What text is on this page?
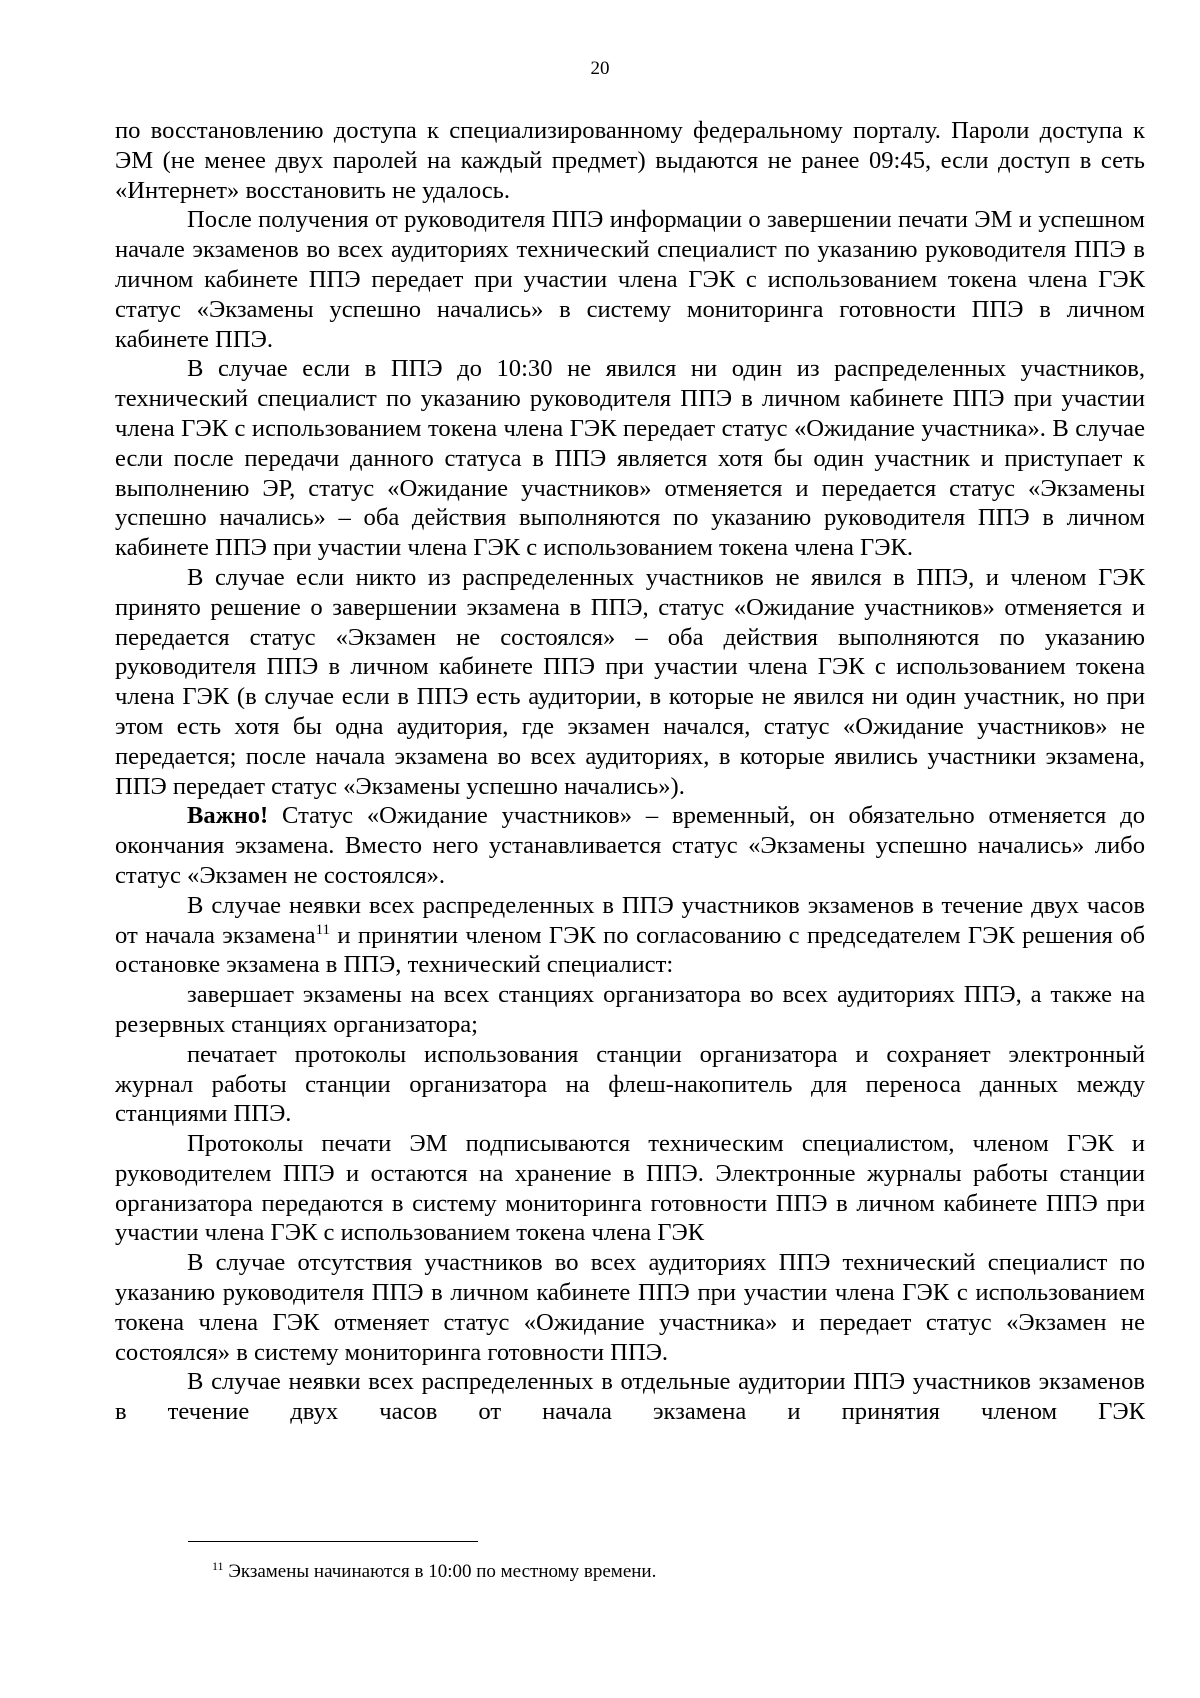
20

по восстановлению доступа к специализированному федеральному порталу. Пароли доступа к ЭМ (не менее двух паролей на каждый предмет) выдаются не ранее 09:45, если доступ в сеть «Интернет» восстановить не удалось.

После получения от руководителя ППЭ информации о завершении печати ЭМ и успешном начале экзаменов во всех аудиториях технический специалист по указанию руководителя ППЭ в личном кабинете ППЭ передает при участии члена ГЭК с использованием токена члена ГЭК статус «Экзамены успешно начались» в систему мониторинга готовности ППЭ в личном кабинете ППЭ.

В случае если в ППЭ до 10:30 не явился ни один из распределенных участников, технический специалист по указанию руководителя ППЭ в личном кабинете ППЭ при участии члена ГЭК с использованием токена члена ГЭК передает статус «Ожидание участника». В случае если после передачи данного статуса в ППЭ является хотя бы один участник и приступает к выполнению ЭР, статус «Ожидание участников» отменяется и передается статус «Экзамены успешно начались» – оба действия выполняются по указанию руководителя ППЭ в личном кабинете ППЭ при участии члена ГЭК с использованием токена члена ГЭК.

В случае если никто из распределенных участников не явился в ППЭ, и членом ГЭК принято решение о завершении экзамена в ППЭ, статус «Ожидание участников» отменяется и передается статус «Экзамен не состоялся» – оба действия выполняются по указанию руководителя ППЭ в личном кабинете ППЭ при участии члена ГЭК с использованием токена члена ГЭК (в случае если в ППЭ есть аудитории, в которые не явился ни один участник, но при этом есть хотя бы одна аудитория, где экзамен начался, статус «Ожидание участников» не передается; после начала экзамена во всех аудиториях, в которые явились участники экзамена, ППЭ передает статус «Экзамены успешно начались»).

Важно! Статус «Ожидание участников» – временный, он обязательно отменяется до окончания экзамена. Вместо него устанавливается статус «Экзамены успешно начались» либо статус «Экзамен не состоялся».

В случае неявки всех распределенных в ППЭ участников экзаменов в течение двух часов от начала экзамена$^{11}$ и принятии членом ГЭК по согласованию с председателем ГЭК решения об остановке экзамена в ППЭ, технический специалист:

завершает экзамены на всех станциях организатора во всех аудиториях ППЭ, а также на резервных станциях организатора;

печатает протоколы использования станции организатора и сохраняет электронный журнал работы станции организатора на флеш-накопитель для переноса данных между станциями ППЭ.

Протоколы печати ЭМ подписываются техническим специалистом, членом ГЭК и руководителем ППЭ и остаются на хранение в ППЭ. Электронные журналы работы станции организатора передаются в систему мониторинга готовности ППЭ в личном кабинете ППЭ при участии члена ГЭК с использованием токена члена ГЭК

В случае отсутствия участников во всех аудиториях ППЭ технический специалист по указанию руководителя ППЭ в личном кабинете ППЭ при участии члена ГЭК с использованием токена члена ГЭК отменяет статус «Ожидание участника» и передает статус «Экзамен не состоялся» в систему мониторинга готовности ППЭ.

В случае неявки всех распределенных в отдельные аудитории ППЭ участников экзаменов в течение двух часов от начала экзамена и принятия членом ГЭК

$^{11}$ Экзамены начинаются в 10:00 по местному времени.
